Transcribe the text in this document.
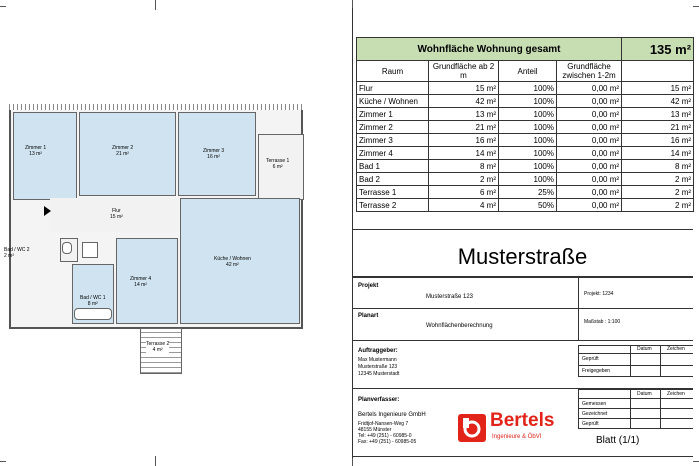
Zimmer 1
13 m²
Zimmer 2
21 m²	Zimmer 3
16 m²
Terrasse 1
6 m²
Flur
15 m²
Zimmer 4
14 m²
Küche / Wohnen
42 m²
Bad / WC 1
8 m²
Bad / WC 2
2 m²
Terrasse 2
4 m²
Wohnfläche Wohnung gesamt				135 m²
Raum	Grundfläche ab 2 m	Anteil	Grundfläche zwischen 1-2m	
Flur	15 m²	100%	0,00 m²	15 m²
Küche / Wohnen	42 m²	100%	0,00 m²	42 m²
Zimmer 1	13 m²	100%	0,00 m²	13 m²
Zimmer 2	21 m²	100%	0,00 m²	21 m²
Zimmer 3	16 m²	100%	0,00 m²	16 m²
Zimmer 4	14 m²	100%	0,00 m²	14 m²
Bad 1	8 m²	100%	0,00 m²	8 m²
Bad 2	2 m²	100%	0,00 m²	2 m²
Terrasse 1	6 m²	25%	0,00 m²	2 m²
Terrasse 2	4 m²	50%	0,00 m²	2 m²
Musterstraße
Projekt
Musterstraße 123	Projekt: 1234
Planart
Wohnflächenberechnung
Maßstab : 1:100
Auftraggeber:
Max Mustermann
Musterstraße 123
12345 Musterstadt
Datum	Zeichen
Geprüft
Freigegeben
Planverfasser:
Bertels Ingenieure GmbH
Fridtjof-Nansen-Weg 7
48155 Münster
Tel: +49 (251) - 60985-0
Fax: +49 (251) - 60985-05
Bertels
Ingenieure & ÖbVI
Datum	Zeichen
Gemessen
Gezeichnet
Geprüft
Blatt (1/1)
